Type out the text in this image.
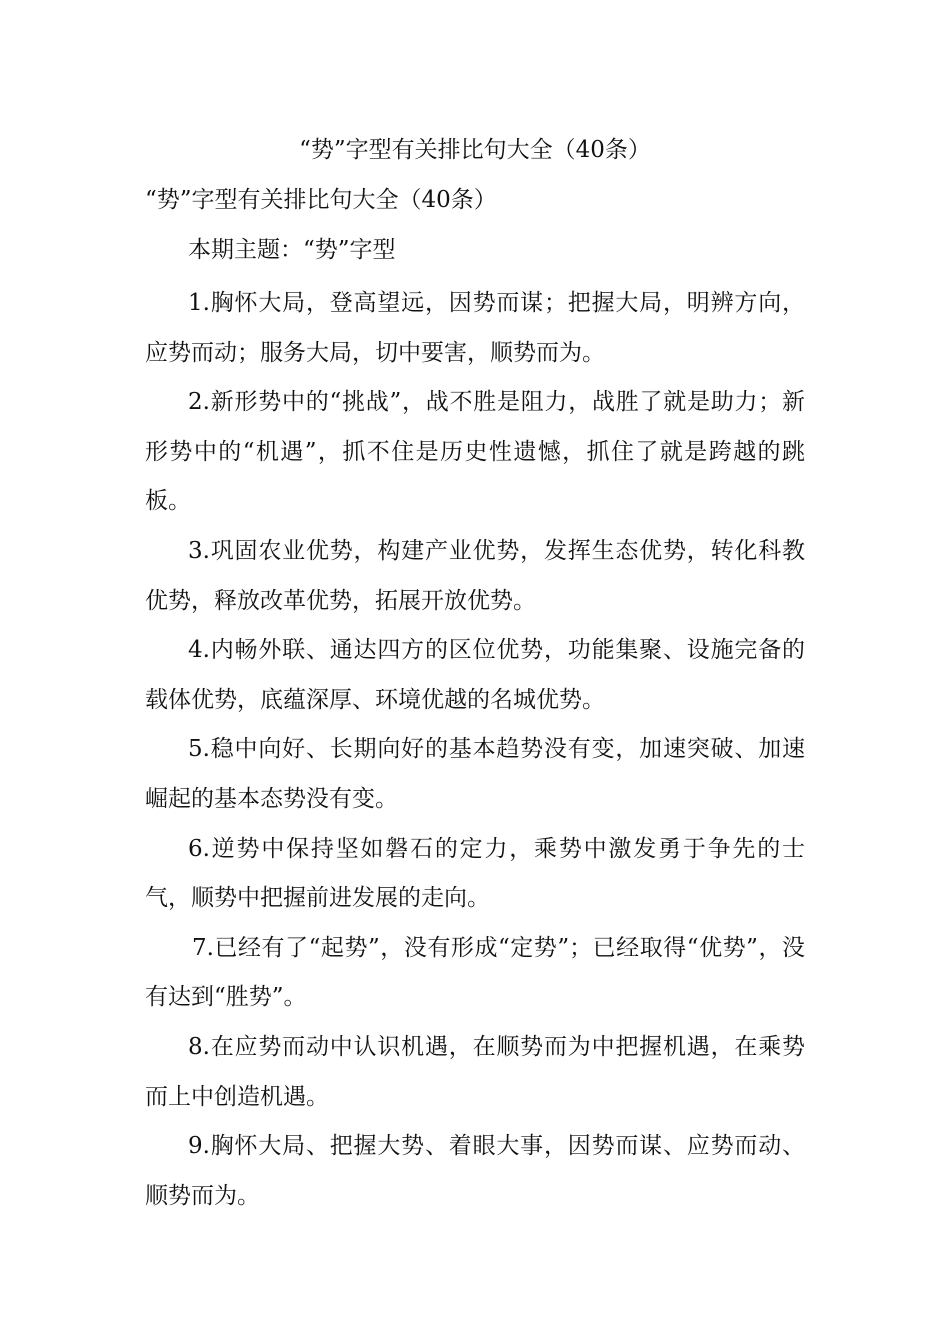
“势”字型有关排比句大全（40条）
“势”字型有关排比句大全（40条）
本期主题：“势”字型

1.胸怀大局，登高望远，因势而谋；把握大局，明辨方向，应势而动；服务大局，切中要害，顺势而为。

2.新形势中的“挑战”，战不胜是阻力，战胜了就是助力；新形势中的“机遇”，抓不住是历史性遗憾，抓住了就是跨越的跳板。

3.巩固农业优势，构建产业优势，发挥生态优势，转化科教优势，释放改革优势，拓展开放优势。

4.内畅外联、通达四方的区位优势，功能集聚、设施完备的载体优势，底蕴深厚、环境优越的名城优势。

5.稳中向好、长期向好的基本趋势没有变，加速突破、加速崛起的基本态势没有变。

6.逆势中保持坚如磐石的定力，乘势中激发勇于争先的士气，顺势中把握前进发展的走向。

7.已经有了“起势”，没有形成“定势”；已经取得“优势”，没有达到“胜势”。

8.在应势而动中认识机遇，在顺势而为中把握机遇，在乘势而上中创造机遇。

9.胸怀大局、把握大势、着眼大事，因势而谋、应势而动、顺势而为。
